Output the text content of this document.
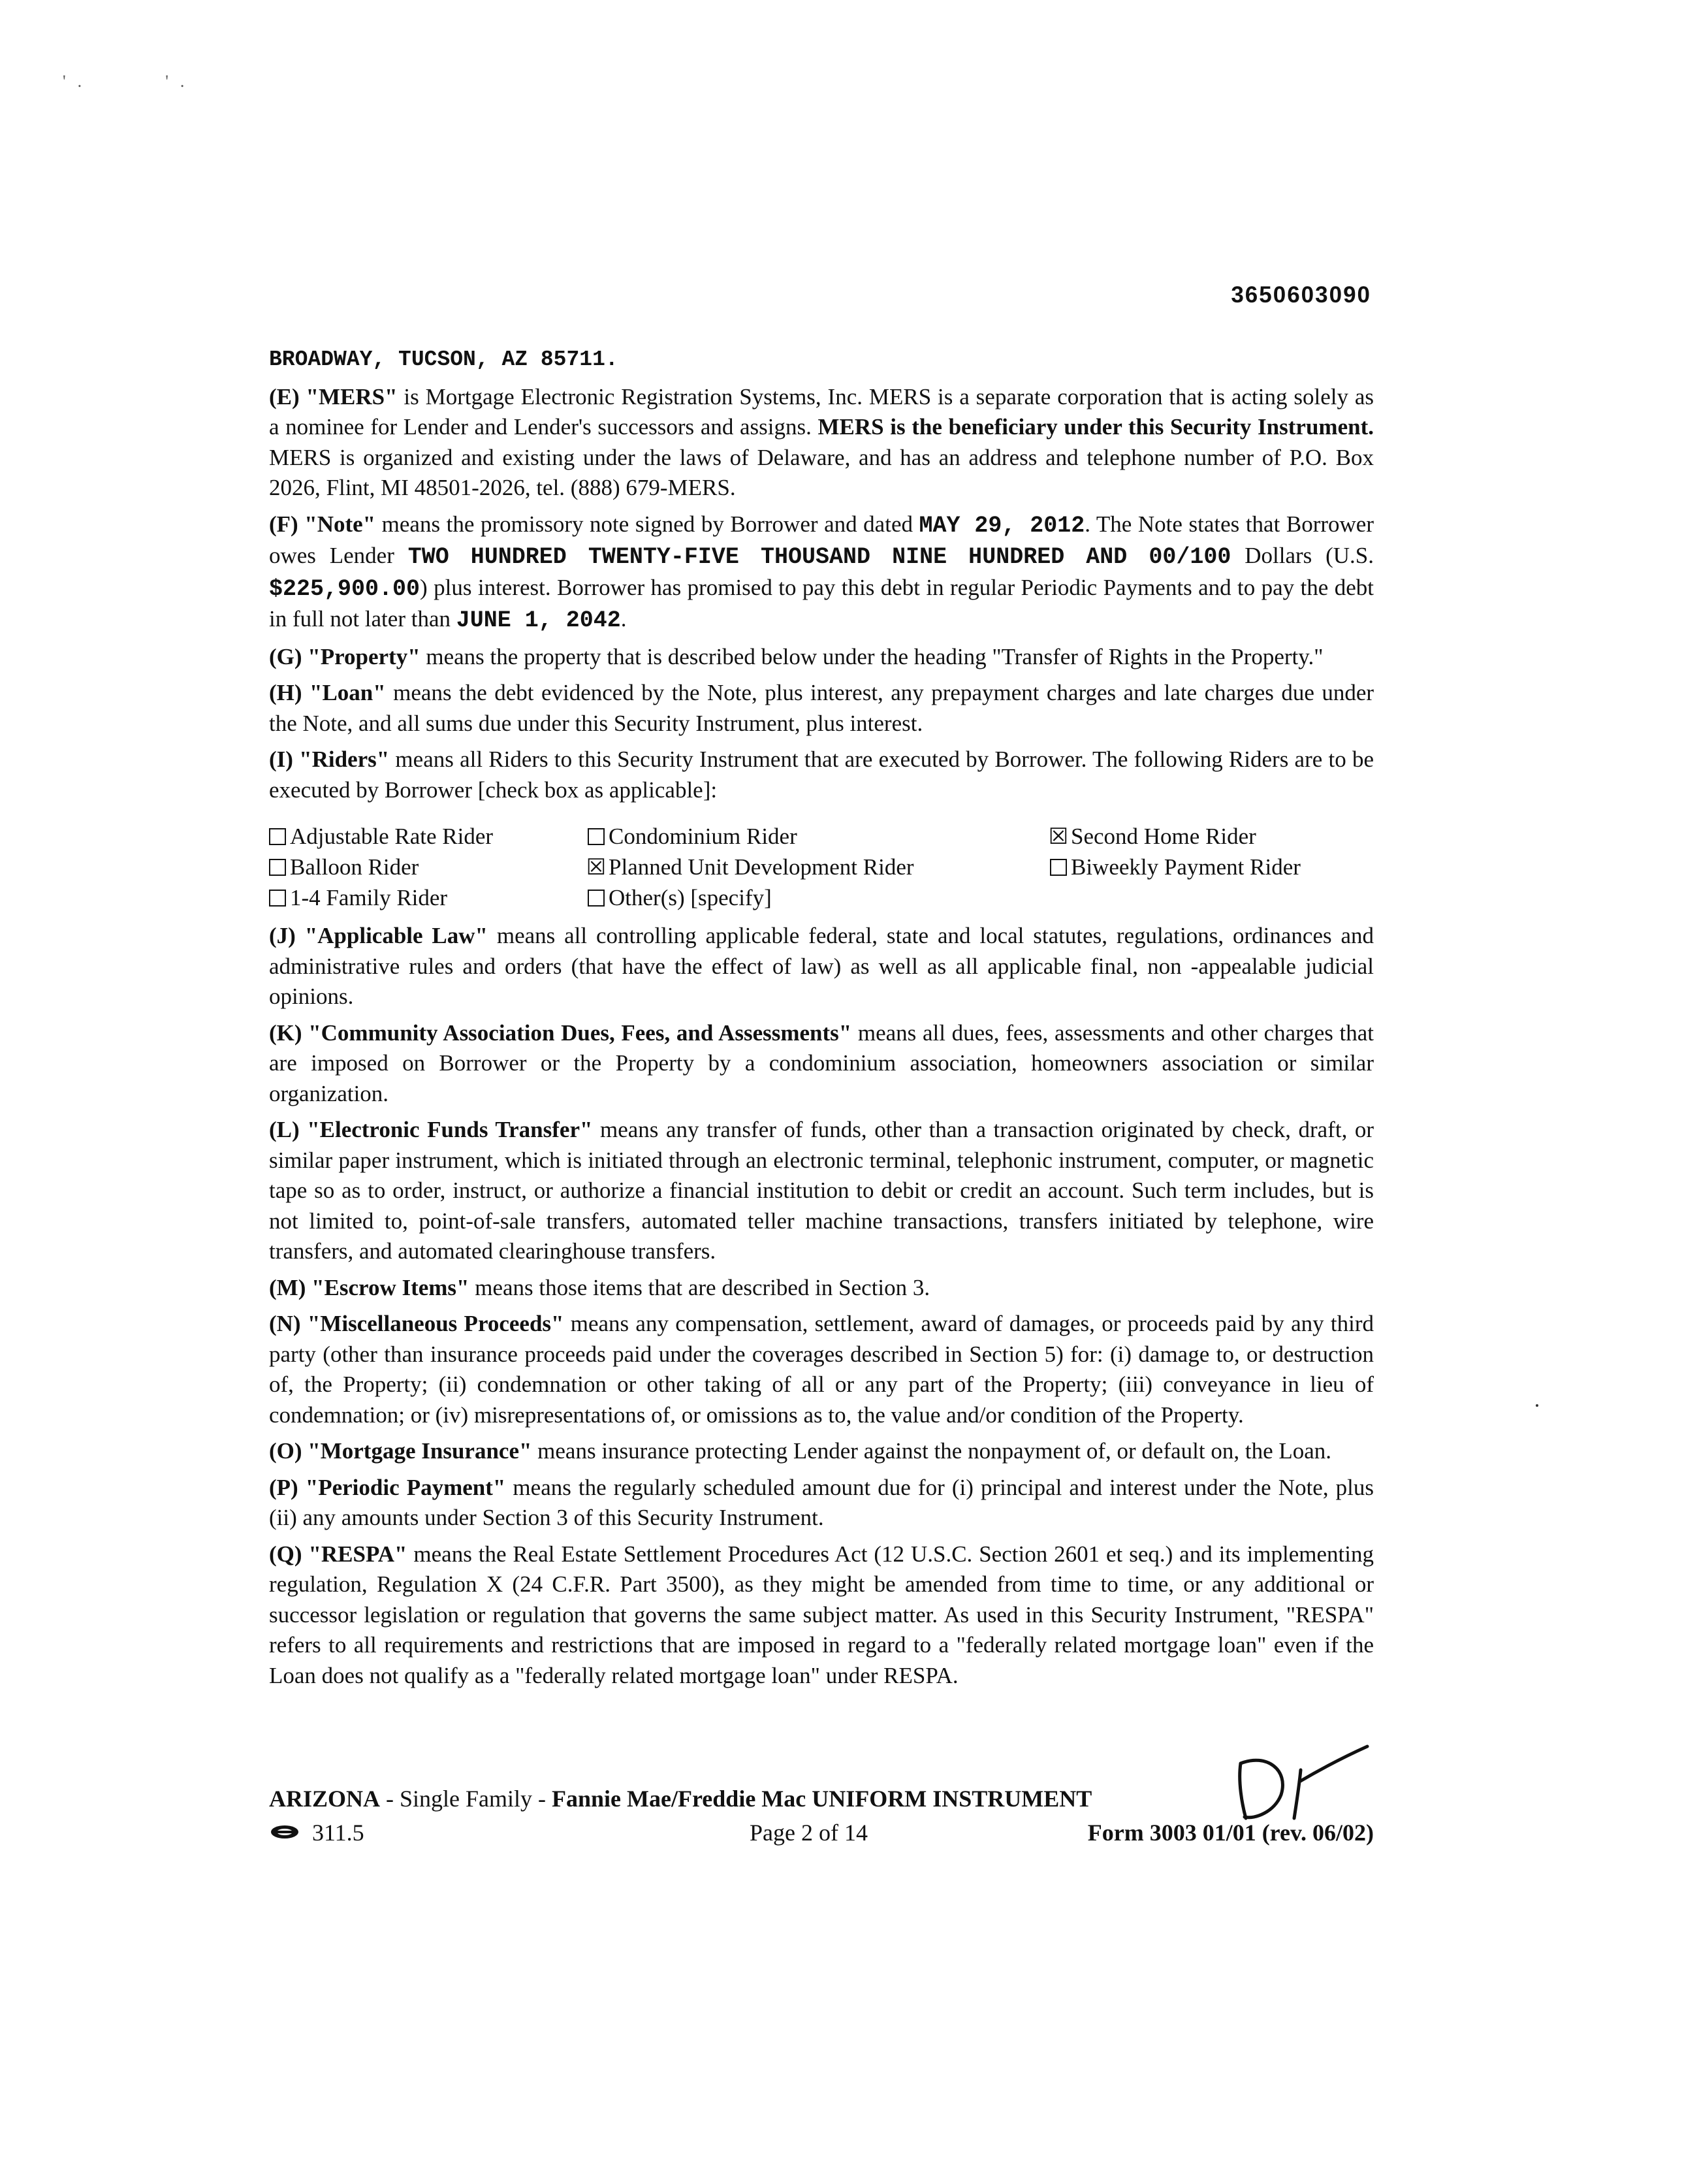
'.	'.
3650603090

BROADWAY, TUCSON, AZ 85711.

(E) "MERS" is Mortgage Electronic Registration Systems, Inc. MERS is a separate corporation that is acting solely as a nominee for Lender and Lender's successors and assigns. MERS is the beneficiary under this Security Instrument. MERS is organized and existing under the laws of Delaware, and has an address and telephone number of P.O. Box 2026, Flint, MI 48501-2026, tel. (888) 679-MERS.

(F) "Note" means the promissory note signed by Borrower and dated MAY 29, 2012. The Note states that Borrower owes Lender TWO HUNDRED TWENTY-FIVE THOUSAND NINE HUNDRED AND 00/100 Dollars (U.S. $225,900.00) plus interest. Borrower has promised to pay this debt in regular Periodic Payments and to pay the debt in full not later than JUNE 1, 2042.

(G) "Property" means the property that is described below under the heading "Transfer of Rights in the Property."

(H) "Loan" means the debt evidenced by the Note, plus interest, any prepayment charges and late charges due under the Note, and all sums due under this Security Instrument, plus interest.

(I) "Riders" means all Riders to this Security Instrument that are executed by Borrower. The following Riders are to be executed by Borrower [check box as applicable]:

Adjustable Rate Rider	Condominium Rider	☒ Second Home Rider
Balloon Rider	☒ Planned Unit Development Rider	Biweekly Payment Rider
1-4 Family Rider	Other(s) [specify]

(J) "Applicable Law" means all controlling applicable federal, state and local statutes, regulations, ordinances and administrative rules and orders (that have the effect of law) as well as all applicable final, non -appealable judicial opinions.

(K) "Community Association Dues, Fees, and Assessments" means all dues, fees, assessments and other charges that are imposed on Borrower or the Property by a condominium association, homeowners association or similar organization.

(L) "Electronic Funds Transfer" means any transfer of funds, other than a transaction originated by check, draft, or similar paper instrument, which is initiated through an electronic terminal, telephonic instrument, computer, or magnetic tape so as to order, instruct, or authorize a financial institution to debit or credit an account. Such term includes, but is not limited to, point-of-sale transfers, automated teller machine transactions, transfers initiated by telephone, wire transfers, and automated clearinghouse transfers.

(M) "Escrow Items" means those items that are described in Section 3.

(N) "Miscellaneous Proceeds" means any compensation, settlement, award of damages, or proceeds paid by any third party (other than insurance proceeds paid under the coverages described in Section 5) for: (i) damage to, or destruction of, the Property; (ii) condemnation or other taking of all or any part of the Property; (iii) conveyance in lieu of condemnation; or (iv) misrepresentations of, or omissions as to, the value and/or condition of the Property.

(O) "Mortgage Insurance" means insurance protecting Lender against the nonpayment of, or default on, the Loan.

(P) "Periodic Payment" means the regularly scheduled amount due for (i) principal and interest under the Note, plus (ii) any amounts under Section 3 of this Security Instrument.

(Q) "RESPA" means the Real Estate Settlement Procedures Act (12 U.S.C. Section 2601 et seq.) and its implementing regulation, Regulation X (24 C.F.R. Part 3500), as they might be amended from time to time, or any additional or successor legislation or regulation that governs the same subject matter. As used in this Security Instrument, "RESPA" refers to all requirements and restrictions that are imposed in regard to a "federally related mortgage loan" even if the Loan does not qualify as a "federally related mortgage loan" under RESPA.

ARIZONA - Single Family - Fannie Mae/Freddie Mac UNIFORM INSTRUMENT
311.5	Page 2 of 14	Form 3003 01/01 (rev. 06/02)
